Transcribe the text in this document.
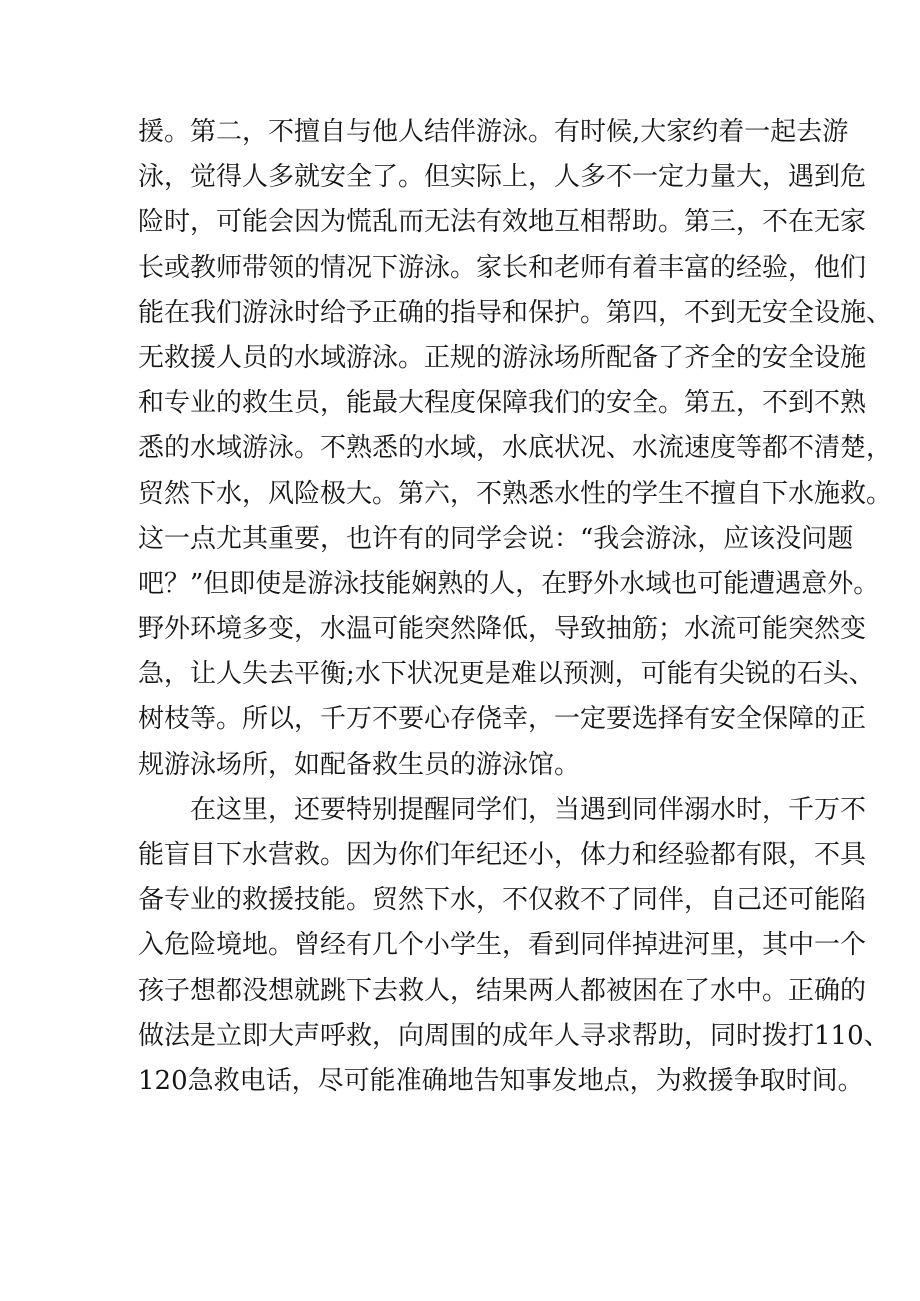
援。第二，不擅自与他人结伴游泳。有时候,大家约着一起去游
泳，觉得人多就安全了。但实际上，人多不一定力量大，遇到危
险时，可能会因为慌乱而无法有效地互相帮助。第三，不在无家
长或教师带领的情况下游泳。家长和老师有着丰富的经验，他们
能在我们游泳时给予正确的指导和保护。第四，不到无安全设施、
无救援人员的水域游泳。正规的游泳场所配备了齐全的安全设施
和专业的救生员，能最大程度保障我们的安全。第五，不到不熟
悉的水域游泳。不熟悉的水域，水底状况、水流速度等都不清楚，
贸然下水，风险极大。第六，不熟悉水性的学生不擅自下水施救。
这一点尤其重要，也许有的同学会说：“我会游泳，应该没问题
吧？”但即使是游泳技能娴熟的人，在野外水域也可能遭遇意外。
野外环境多变，水温可能突然降低，导致抽筋；水流可能突然变
急，让人失去平衡;水下状况更是难以预测，可能有尖锐的石头、
树枝等。所以，千万不要心存侥幸，一定要选择有安全保障的正
规游泳场所，如配备救生员的游泳馆。
在这里，还要特别提醒同学们，当遇到同伴溺水时，千万不
能盲目下水营救。因为你们年纪还小，体力和经验都有限，不具
备专业的救援技能。贸然下水，不仅救不了同伴，自己还可能陷
入危险境地。曾经有几个小学生，看到同伴掉进河里，其中一个
孩子想都没想就跳下去救人，结果两人都被困在了水中。正确的
做法是立即大声呼救，向周围的成年人寻求帮助，同时拨打110、
120急救电话，尽可能准确地告知事发地点，为救援争取时间。
